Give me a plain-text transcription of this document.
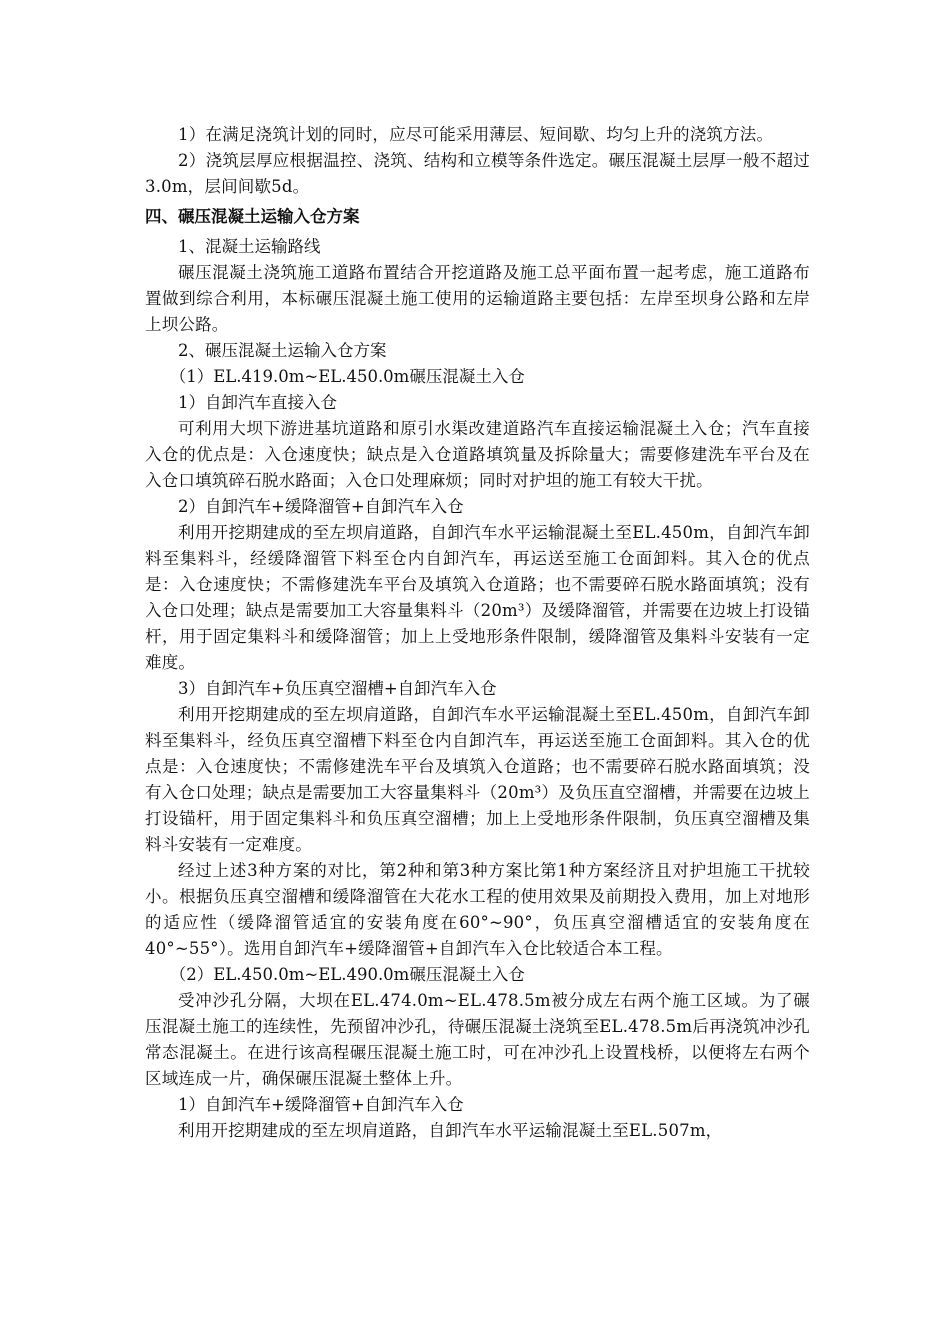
1）在满足浇筑计划的同时，应尽可能采用薄层、短间歇、均匀上升的浇筑方法。

2）浇筑层厚应根据温控、浇筑、结构和立模等条件选定。碾压混凝土层厚一般不超过3.0m，层间间歇5d。

四、碾压混凝土运输入仓方案

1、混凝土运输路线

碾压混凝土浇筑施工道路布置结合开挖道路及施工总平面布置一起考虑，施工道路布置做到综合利用，本标碾压混凝土施工使用的运输道路主要包括：左岸至坝身公路和左岸上坝公路。

2、碾压混凝土运输入仓方案

（1）EL.419.0m~EL.450.0m碾压混凝土入仓

1）自卸汽车直接入仓

可利用大坝下游进基坑道路和原引水渠改建道路汽车直接运输混凝土入仓；汽车直接入仓的优点是：入仓速度快；缺点是入仓道路填筑量及拆除量大；需要修建洗车平台及在入仓口填筑碎石脱水路面；入仓口处理麻烦；同时对护坦的施工有较大干扰。

2）自卸汽车+缓降溜管+自卸汽车入仓

利用开挖期建成的至左坝肩道路，自卸汽车水平运输混凝土至EL.450m，自卸汽车卸料至集料斗，经缓降溜管下料至仓内自卸汽车，再运送至施工仓面卸料。其入仓的优点是：入仓速度快；不需修建洗车平台及填筑入仓道路；也不需要碎石脱水路面填筑；没有入仓口处理；缺点是需要加工大容量集料斗（20m³）及缓降溜管，并需要在边坡上打设锚杆，用于固定集料斗和缓降溜管；加上上受地形条件限制，缓降溜管及集料斗安装有一定难度。

3）自卸汽车+负压真空溜槽+自卸汽车入仓

利用开挖期建成的至左坝肩道路，自卸汽车水平运输混凝土至EL.450m，自卸汽车卸料至集料斗，经负压真空溜槽下料至仓内自卸汽车，再运送至施工仓面卸料。其入仓的优点是：入仓速度快；不需修建洗车平台及填筑入仓道路；也不需要碎石脱水路面填筑；没有入仓口处理；缺点是需要加工大容量集料斗（20m³）及负压直空溜槽，并需要在边坡上打设锚杆，用于固定集料斗和负压真空溜槽；加上上受地形条件限制，负压真空溜槽及集料斗安装有一定难度。

经过上述3种方案的对比，第2种和第3种方案比第1种方案经济且对护坦施工干扰较小。根据负压真空溜槽和缓降溜管在大花水工程的使用效果及前期投入费用，加上对地形的适应性（缓降溜管适宜的安装角度在60°~90°，负压真空溜槽适宜的安装角度在40°~55°）。选用自卸汽车+缓降溜管+自卸汽车入仓比较适合本工程。

（2）EL.450.0m~EL.490.0m碾压混凝土入仓

受冲沙孔分隔，大坝在EL.474.0m~EL.478.5m被分成左右两个施工区域。为了碾压混凝土施工的连续性，先预留冲沙孔，待碾压混凝土浇筑至EL.478.5m后再浇筑冲沙孔常态混凝土。在进行该高程碾压混凝土施工时，可在冲沙孔上设置栈桥，以便将左右两个区域连成一片，确保碾压混凝土整体上升。

1）自卸汽车+缓降溜管+自卸汽车入仓

利用开挖期建成的至左坝肩道路，自卸汽车水平运输混凝土至EL.507m，
